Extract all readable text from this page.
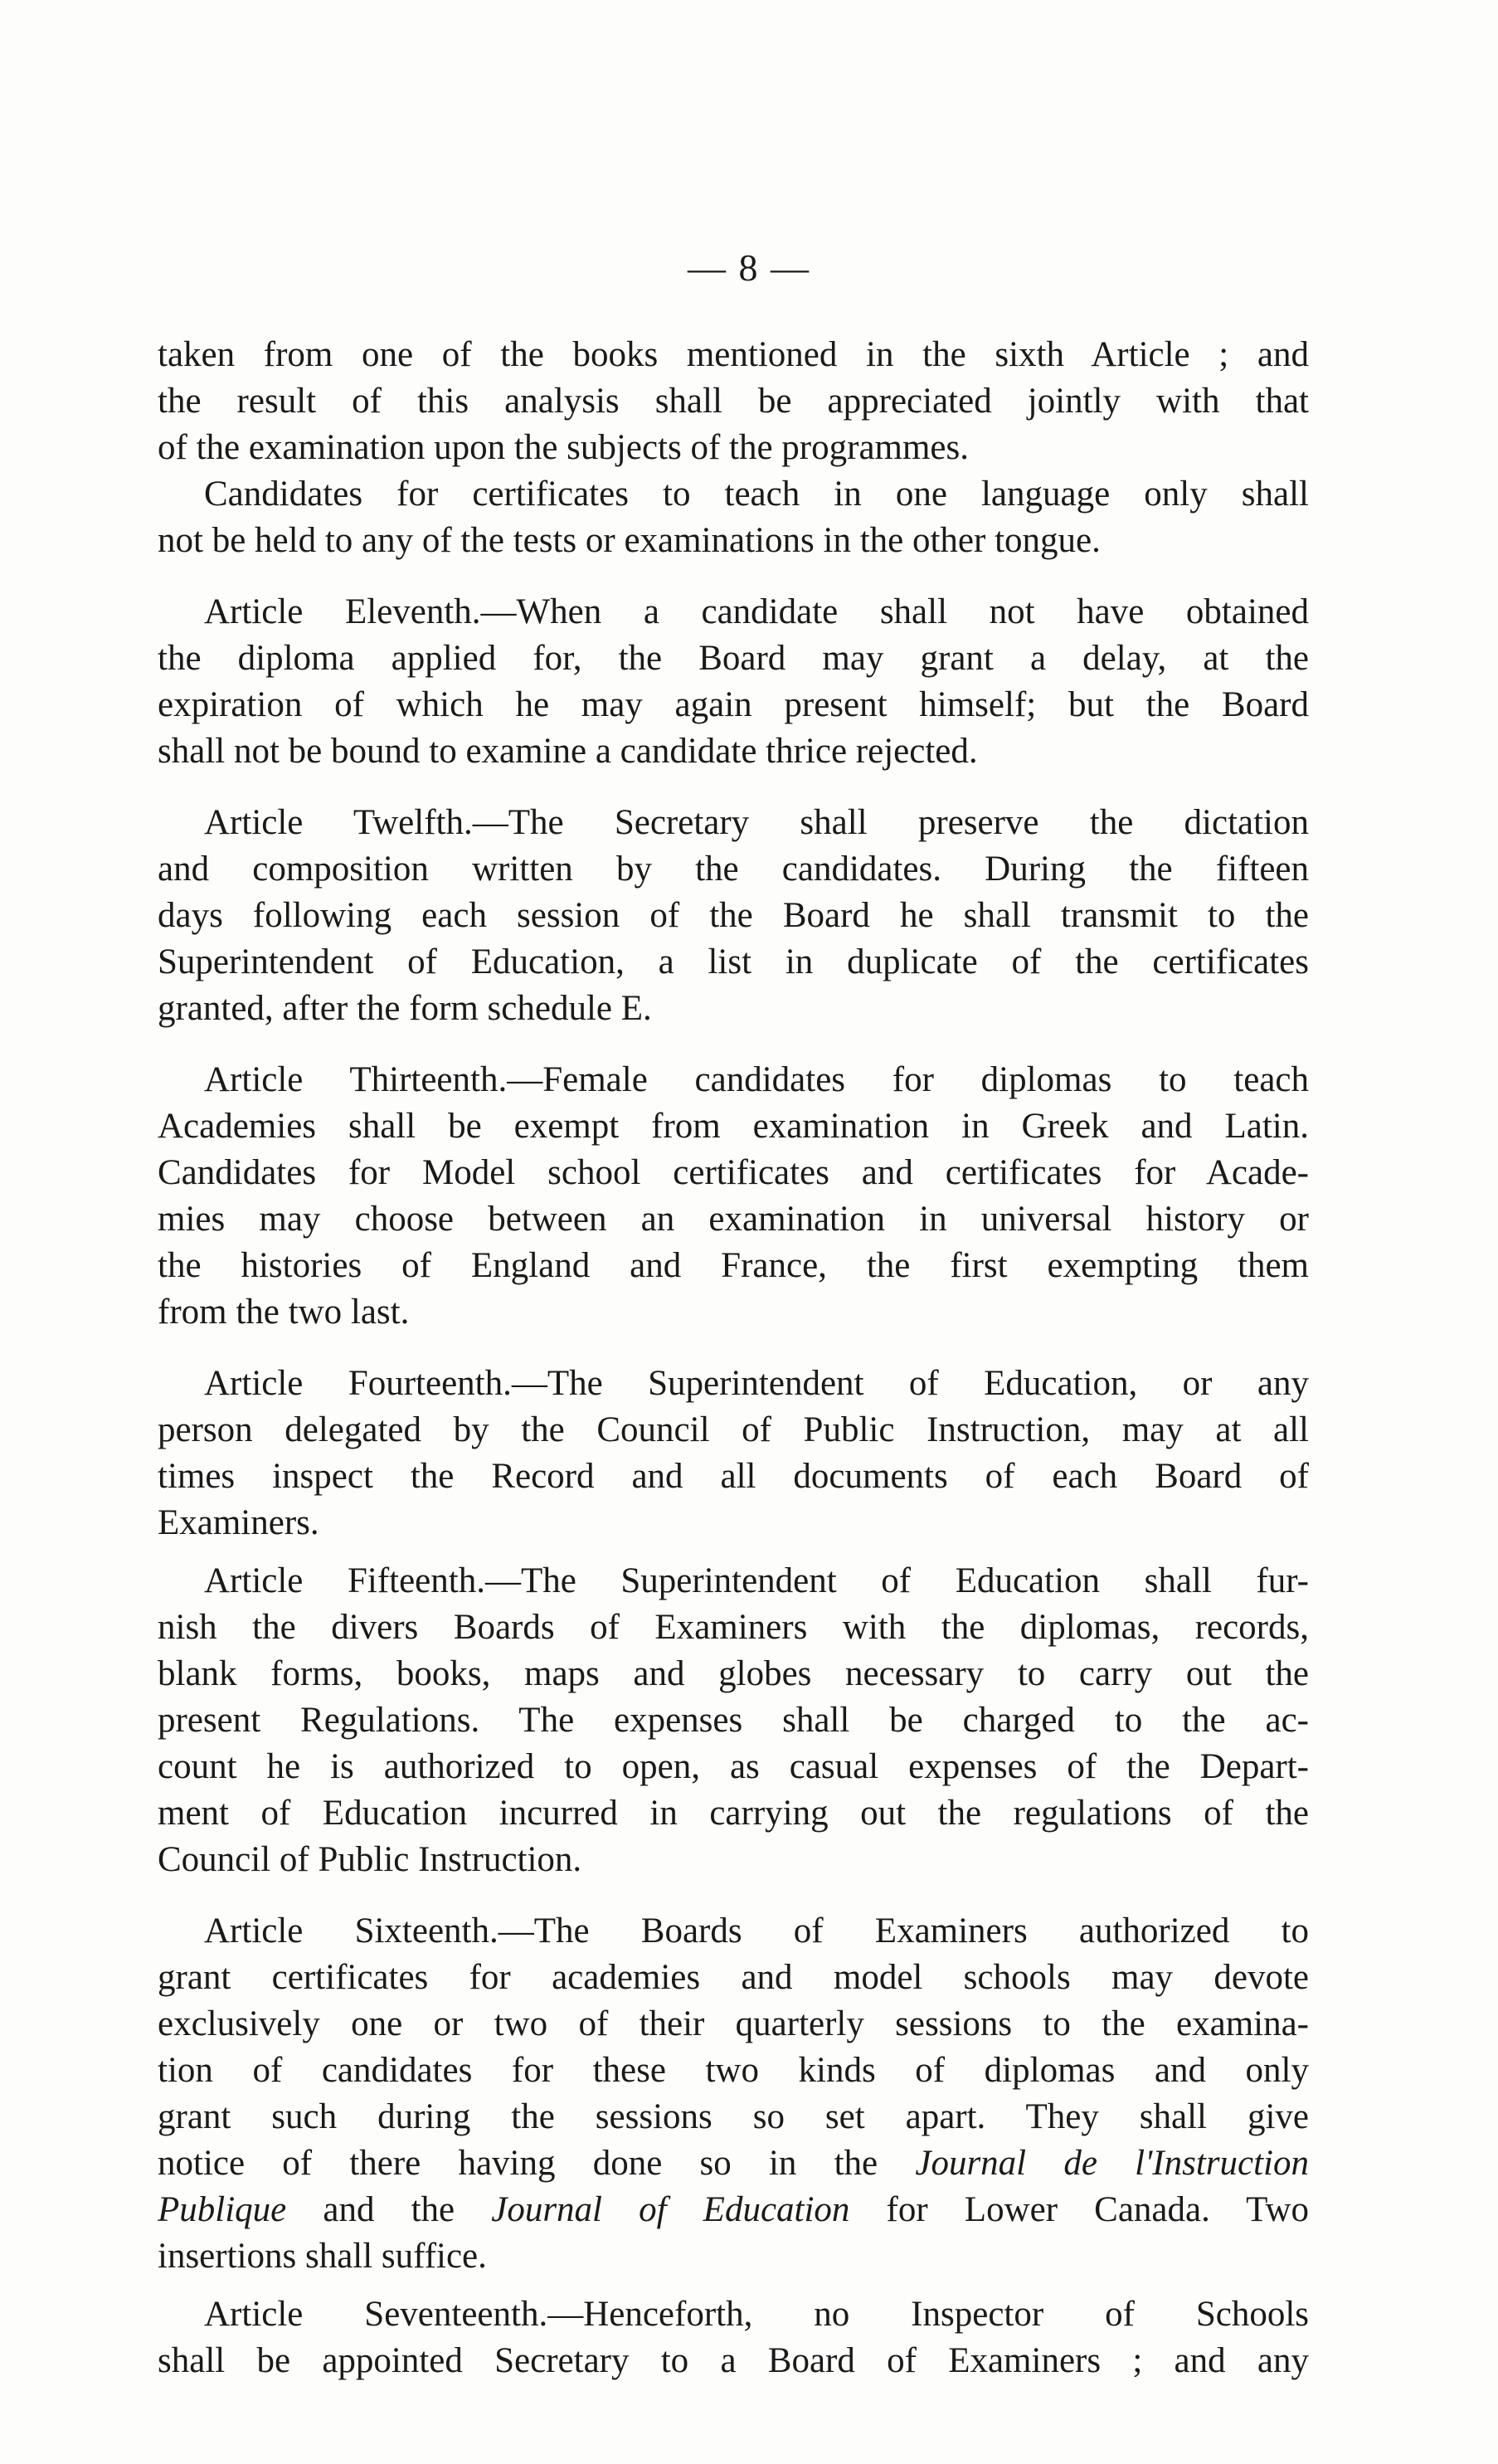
— 8 —

taken from one of the books mentioned in the sixth Article ; and
the result of this analysis shall be appreciated jointly with that
of the examination upon the subjects of the programmes.

Candidates for certificates to teach in one language only shall
not be held to any of the tests or examinations in the other tongue.

Article Eleventh.—When a candidate shall not have obtained
the diploma applied for, the Board may grant a delay, at the
expiration of which he may again present himself; but the Board
shall not be bound to examine a candidate thrice rejected.

Article Twelfth.—The Secretary shall preserve the dictation
and composition written by the candidates. During the fifteen
days following each session of the Board he shall transmit to the
Superintendent of Education, a list in duplicate of the certificates
granted, after the form schedule E.

Article Thirteenth.—Female candidates for diplomas to teach
Academies shall be exempt from examination in Greek and Latin.
Candidates for Model school certificates and certificates for Acade-
mies may choose between an examination in universal history or
the histories of England and France, the first exempting them
from the two last.

Article Fourteenth.—The Superintendent of Education, or any
person delegated by the Council of Public Instruction, may at all
times inspect the Record and all documents of each Board of
Examiners.

Article Fifteenth.—The Superintendent of Education shall fur-
nish the divers Boards of Examiners with the diplomas, records,
blank forms, books, maps and globes necessary to carry out the
present Regulations. The expenses shall be charged to the ac-
count he is authorized to open, as casual expenses of the Depart-
ment of Education incurred in carrying out the regulations of the
Council of Public Instruction.

Article Sixteenth.—The Boards of Examiners authorized to
grant certificates for academies and model schools may devote
exclusively one or two of their quarterly sessions to the examina-
tion of candidates for these two kinds of diplomas and only
grant such during the sessions so set apart. They shall give
notice of there having done so in the Journal de l'Instruction
Publique and the Journal of Education for Lower Canada. Two
insertions shall suffice.

Article Seventeenth.—Henceforth, no Inspector of Schools
shall be appointed Secretary to a Board of Examiners ; and any
